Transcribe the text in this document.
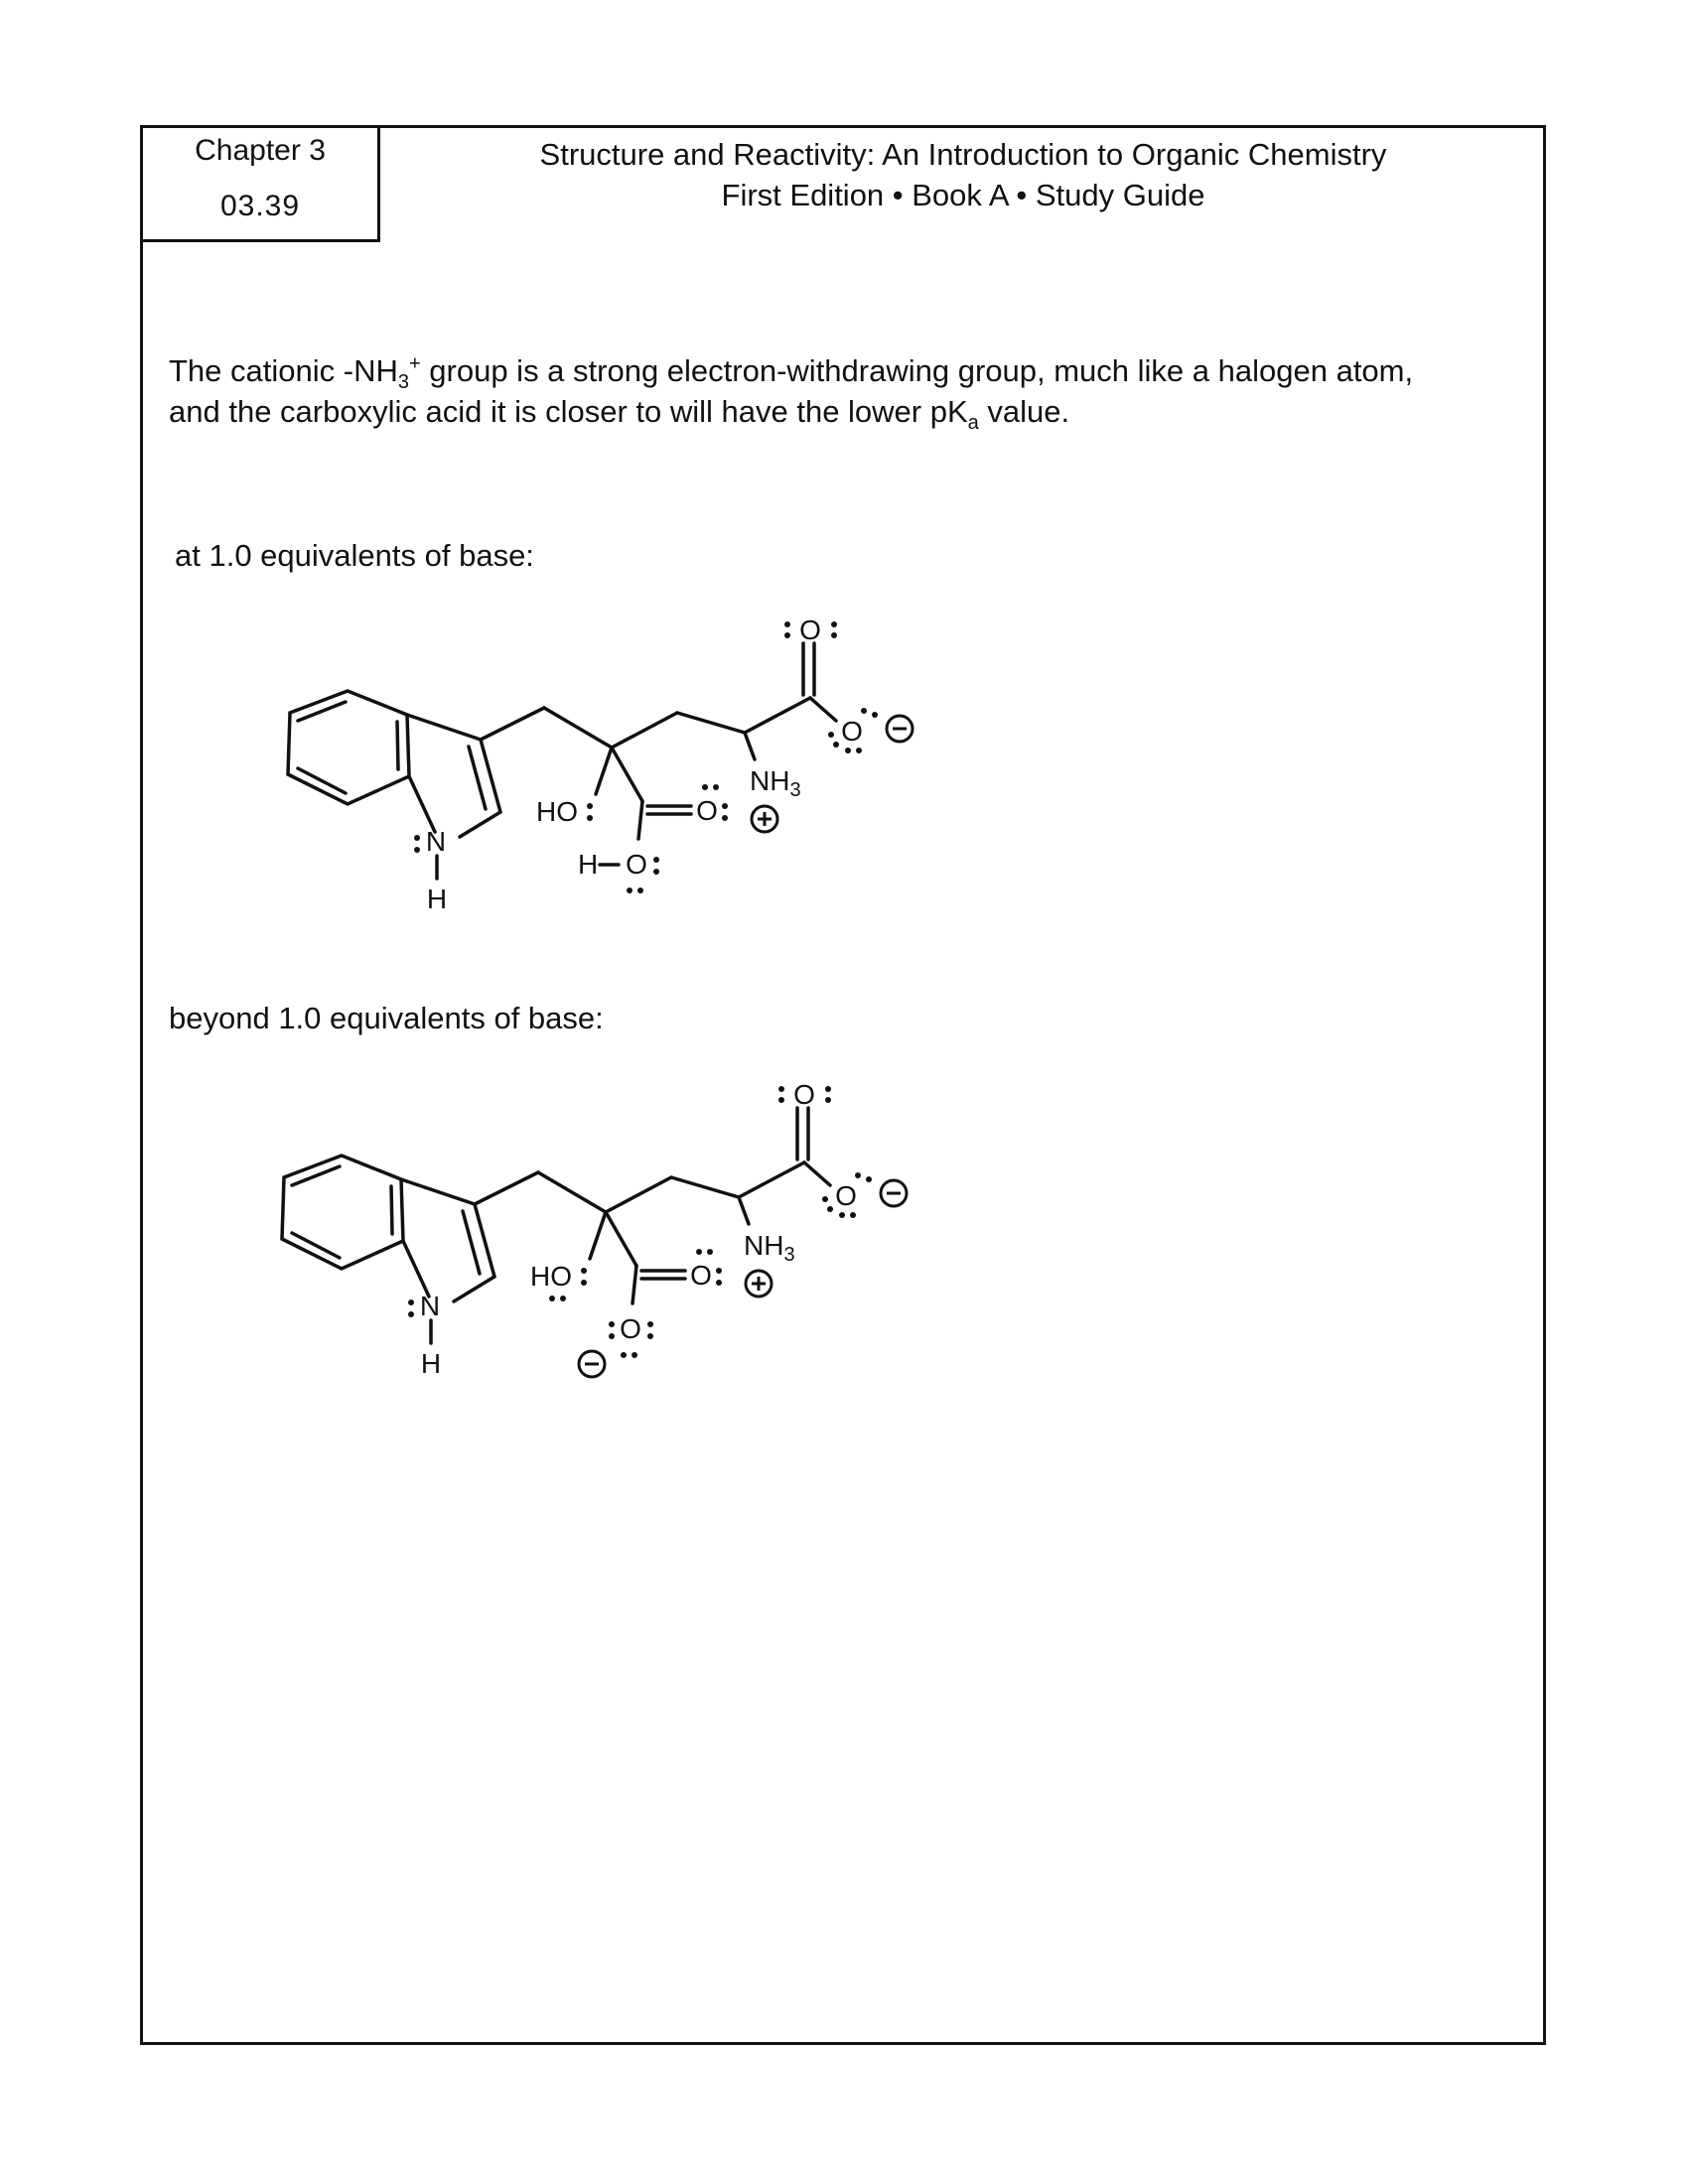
Chapter 3
03.39
Structure and Reactivity: An Introduction to Organic Chemistry
First Edition • Book A • Study Guide
The cationic $-NH_3^+$ group is a strong electron-withdrawing group, much like a halogen atom,
and the carboxylic acid it is closer to will have the lower $pK_a$ value.
at 1.0 equivalents of base:
N
H
O
O
$NH_3$
HO	O
H O
beyond 1.0 equivalents of base:
N
H
O
O
$NH_3$
HO	O
O
